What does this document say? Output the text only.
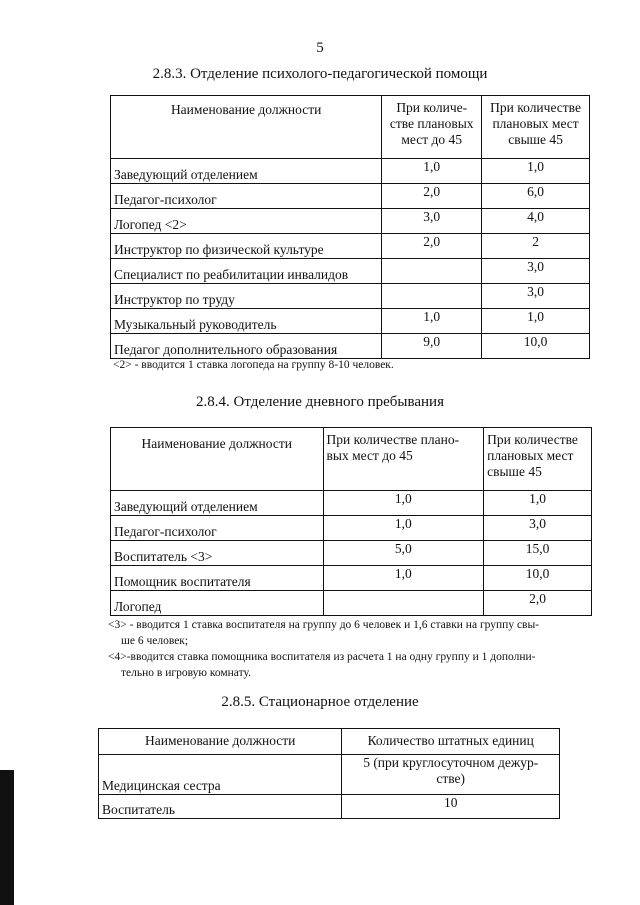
5
2.8.3. Отделение психолого-педагогической помощи
Наименование должности	При количе-
стве плановых
мест до 45	При количестве
плановых мест
свыше 45
Заведующий отделением	1,0	1,0
Педагог-психолог	2,0	6,0
Логопед <2>	3,0	4,0
Инструктор по физической культуре	2,0	2
Специалист по реабилитации инвалидов		3,0
Инструктор по труду		3,0
Музыкальный руководитель	1,0	1,0
Педагог дополнительного образования	9,0	10,0
<2> - вводится 1 ставка логопеда на группу 8-10 человек.
2.8.4. Отделение дневного пребывания
Наименование должности	При количестве плано-
вых мест до 45	При количестве
плановых мест
свыше 45
Заведующий отделением	1,0	1,0
Педагог-психолог	1,0	3,0
Воспитатель <3>	5,0	15,0
Помощник воспитателя	1,0	10,0
Логопед		2,0
<3> - вводится 1 ставка воспитателя на группу до 6 человек и 1,6 ставки на группу свы-
ше 6 человек;
<4>-вводится ставка помощника воспитателя из расчета 1 на одну группу и 1 дополни-
тельно в игровую комнату.
2.8.5. Стационарное отделение
Наименование должности	Количество штатных единиц
Медицинская сестра	5 (при круглосуточном дежур-
стве)
Воспитатель	10
